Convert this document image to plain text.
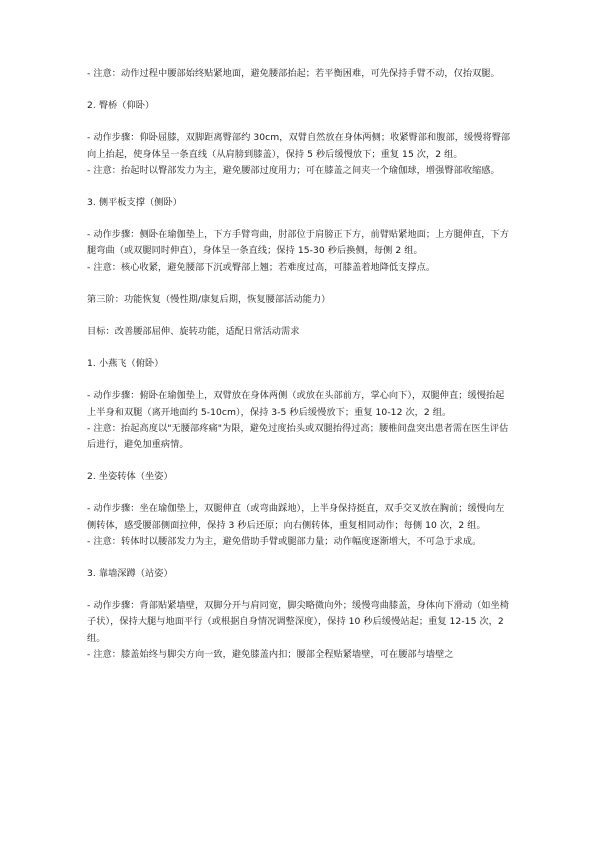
- 注意：动作过程中腰部始终贴紧地面，避免腰部抬起；若平衡困难，可先保持手臂不动，仅抬双腿。

2. 臀桥（仰卧）

- 动作步骤：仰卧屈膝，双脚距离臀部约 30cm，双臂自然放在身体两侧；收紧臀部和腹部，缓慢将臀部向上抬起，使身体呈一条直线（从肩膀到膝盖），保持 5 秒后缓慢放下；重复 15 次，2 组。
- 注意：抬起时以臀部发力为主，避免腰部过度用力；可在膝盖之间夹一个瑜伽球，增强臀部收缩感。

3. 侧平板支撑（侧卧）

- 动作步骤：侧卧在瑜伽垫上，下方手臂弯曲，肘部位于肩膀正下方，前臂贴紧地面；上方腿伸直，下方腿弯曲（或双腿同时伸直），身体呈一条直线；保持 15-30 秒后换侧，每侧 2 组。
- 注意：核心收紧，避免腰部下沉或臀部上翘；若难度过高，可膝盖着地降低支撑点。

第三阶：功能恢复（慢性期/康复后期，恢复腰部活动能力）

目标：改善腰部屈伸、旋转功能，适配日常活动需求

1. 小燕飞（俯卧）

- 动作步骤：俯卧在瑜伽垫上，双臂放在身体两侧（或放在头部前方，掌心向下），双腿伸直；缓慢抬起上半身和双腿（离开地面约 5-10cm），保持 3-5 秒后缓慢放下；重复 10-12 次，2 组。
- 注意：抬起高度以"无腰部疼痛"为限，避免过度抬头或双腿抬得过高；腰椎间盘突出患者需在医生评估后进行，避免加重病情。

2. 坐姿转体（坐姿）

- 动作步骤：坐在瑜伽垫上，双腿伸直（或弯曲踩地），上半身保持挺直，双手交叉放在胸前；缓慢向左侧转体，感受腰部侧面拉伸，保持 3 秒后还原；向右侧转体，重复相同动作；每侧 10 次，2 组。
- 注意：转体时以腰部发力为主，避免借助手臂或腿部力量；动作幅度逐渐增大，不可急于求成。

3. 靠墙深蹲（站姿）

- 动作步骤：背部贴紧墙壁，双脚分开与肩同宽，脚尖略微向外；缓慢弯曲膝盖，身体向下滑动（如坐椅子状），保持大腿与地面平行（或根据自身情况调整深度），保持 10 秒后缓慢站起；重复 12-15 次，2 组。
- 注意：膝盖始终与脚尖方向一致，避免膝盖内扣；腰部全程贴紧墙壁，可在腰部与墙壁之
